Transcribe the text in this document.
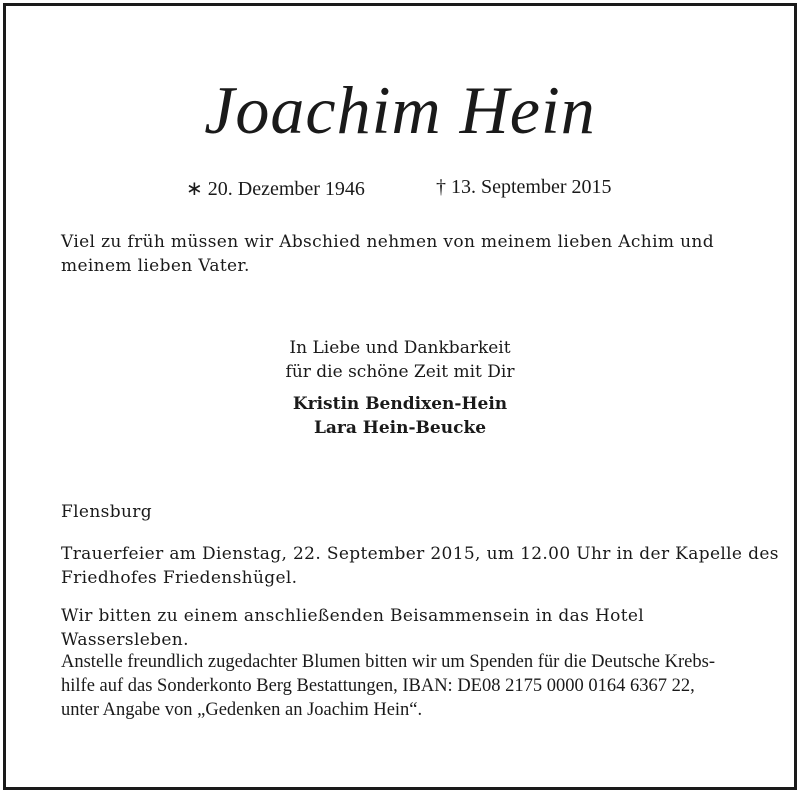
Joachim Hein
∗ 20. Dezember 1946	† 13. September 2015
Viel zu früh müssen wir Abschied nehmen von meinem lieben Achim und
meinem lieben Vater.
In Liebe und Dankbarkeit
für die schöne Zeit mit Dir
Kristin Bendixen-Hein
Lara Hein-Beucke
Flensburg
Trauerfeier am Dienstag, 22. September 2015, um 12.00 Uhr in der Kapelle des
Friedhofes Friedenshügel.
Wir bitten zu einem anschließenden Beisammensein in das Hotel Wassersleben.
Anstelle freundlich zugedachter Blumen bitten wir um Spenden für die Deutsche Krebs-
hilfe auf das Sonderkonto Berg Bestattungen, IBAN: DE08 2175 0000 0164 6367 22,
unter Angabe von „Gedenken an Joachim Hein“.
